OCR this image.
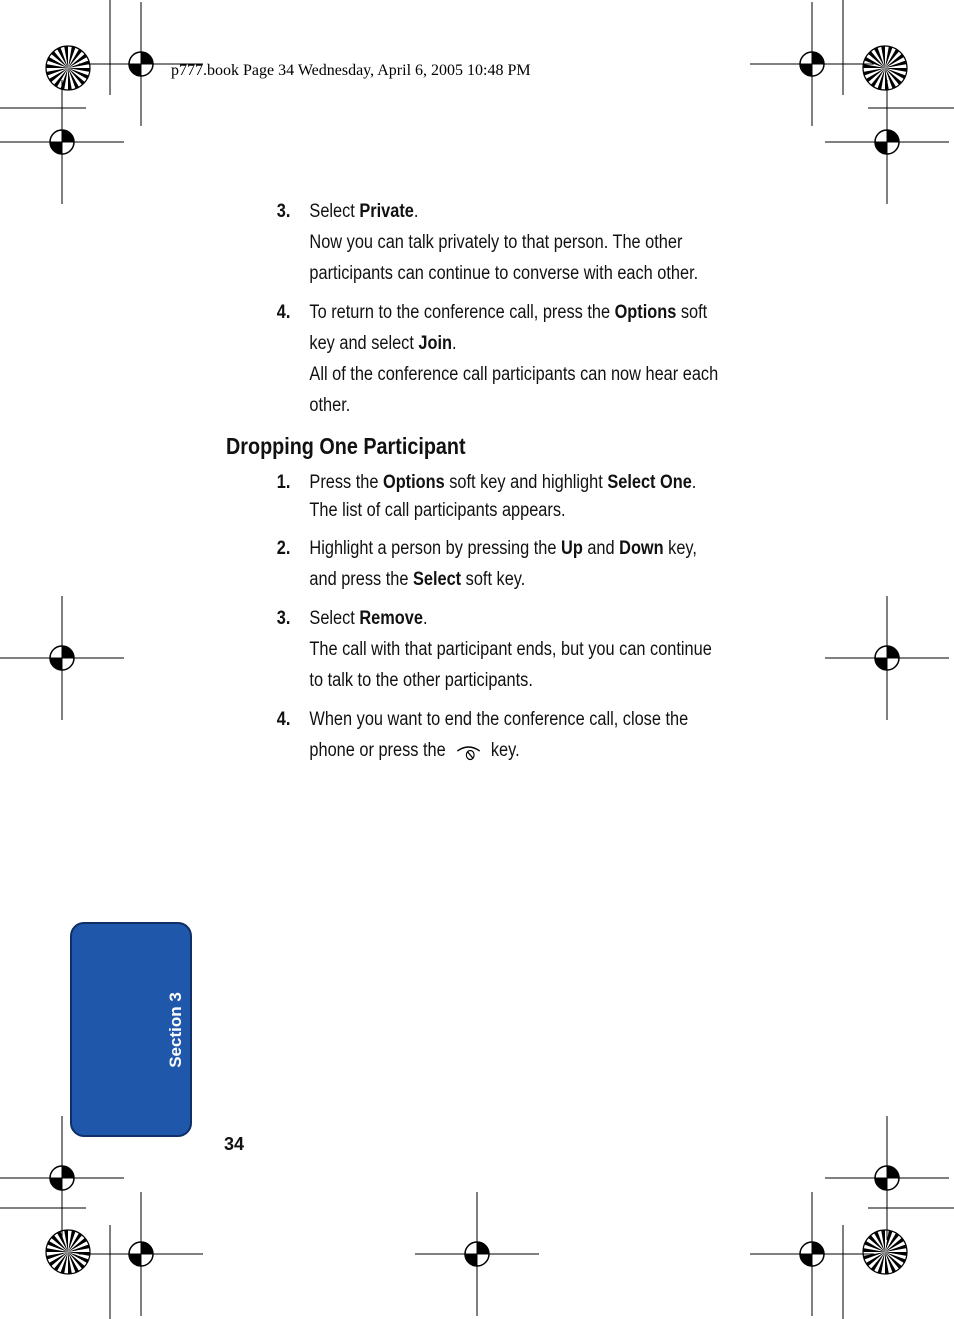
p777.book Page 34 Wednesday, April 6, 2005 10:48 PM
3. Select Private.
Now you can talk privately to that person. The other
participants can continue to converse with each other.
4. To return to the conference call, press the Options soft
key and select Join.
All of the conference call participants can now hear each
other.
Dropping One Participant
1. Press the Options soft key and highlight Select One.
The list of call participants appears.
2. Highlight a person by pressing the Up and Down key,
and press the Select soft key.
3. Select Remove.
The call with that participant ends, but you can continue
to talk to the other participants.
4. When you want to end the conference call, close the
phone or press the  key.
Section 3
34
